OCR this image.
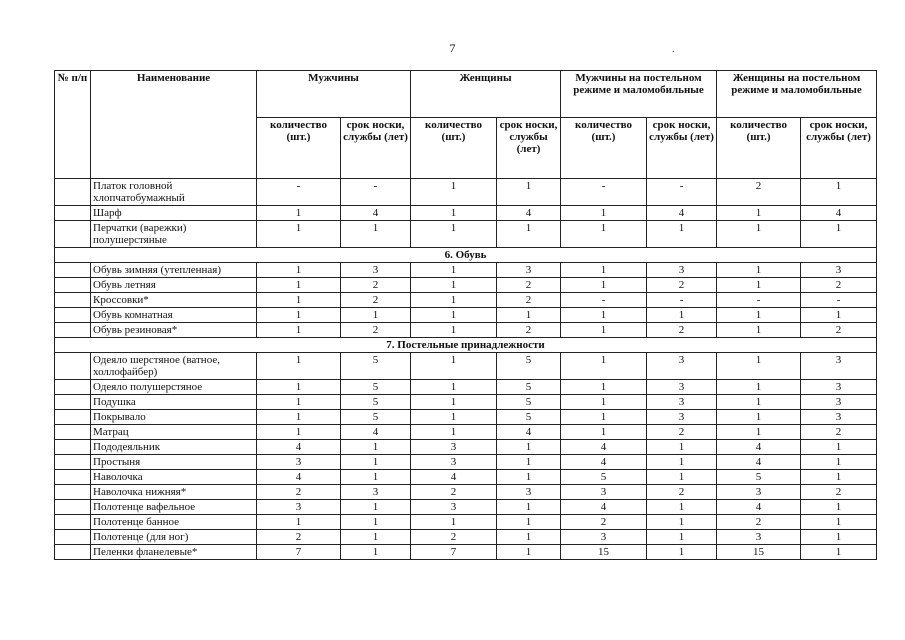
7	.
№ п/п	Наименование	Мужчины		Женщины		Мужчины на постельном режиме и маломобильные		Женщины на постельном режиме и маломобильные	
		количество (шт.)	срок носки, службы (лет)	количество (шт.)	срок носки, службы (лет)	количество (шт.)	срок носки, службы (лет)	количество (шт.)	срок носки, службы (лет)
	Платок головной хлопчатобумажный	-	-	1	1	-	-	2	1
	Шарф	1	4	1	4	1	4	1	4
	Перчатки (варежки) полушерстяные	1	1	1	1	1	1	1	1
6. Обувь									
	Обувь зимняя (утепленная)	1	3	1	3	1	3	1	3
	Обувь летняя	1	2	1	2	1	2	1	2
	Кроссовки*	1	2	1	2	-	-	-	-
	Обувь комнатная	1	1	1	1	1	1	1	1
	Обувь резиновая*	1	2	1	2	1	2	1	2
7. Постельные принадлежности									
	Одеяло шерстяное (ватное, холлофайбер)	1	5	1	5	1	3	1	3
	Одеяло полушерстяное	1	5	1	5	1	3	1	3
	Подушка	1	5	1	5	1	3	1	3
	Покрывало	1	5	1	5	1	3	1	3
	Матрац	1	4	1	4	1	2	1	2
	Пододеяльник	4	1	3	1	4	1	4	1
	Простыня	3	1	3	1	4	1	4	1
	Наволочка	4	1	4	1	5	1	5	1
	Наволочка нижняя*	2	3	2	3	3	2	3	2
	Полотенце вафельное	3	1	3	1	4	1	4	1
	Полотенце банное	1	1	1	1	2	1	2	1
	Полотенце (для ног)	2	1	2	1	3	1	3	1
	Пеленки фланелевые*	7	1	7	1	15	1	15	1
